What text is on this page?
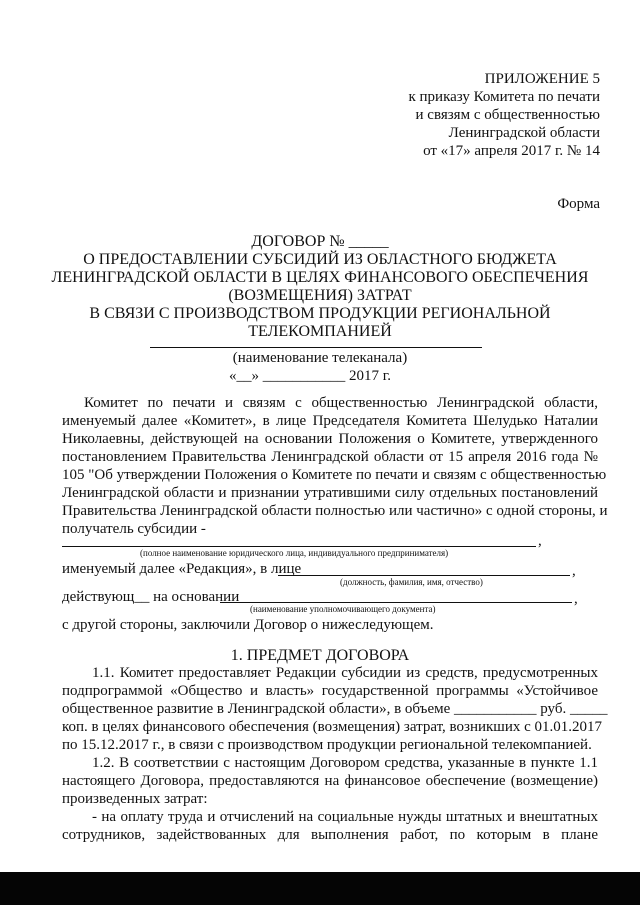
ПРИЛОЖЕНИЕ 5
к приказу Комитета по печати
и связям с общественностью
Ленинградской области
от «17» апреля 2017 г. № 14
Форма
ДОГОВОР № _____
О ПРЕДОСТАВЛЕНИИ СУБСИДИЙ ИЗ ОБЛАСТНОГО БЮДЖЕТА
ЛЕНИНГРАДСКОЙ ОБЛАСТИ В ЦЕЛЯХ ФИНАНСОВОГО ОБЕСПЕЧЕНИЯ
(ВОЗМЕЩЕНИЯ) ЗАТРАТ
В СВЯЗИ С ПРОИЗВОДСТВОМ ПРОДУКЦИИ РЕГИОНАЛЬНОЙ
ТЕЛЕКОМПАНИЕЙ
(наименование телеканала)
«__» ___________ 2017 г.
Комитет по печати и связям с общественностью Ленинградской области,
именуемый далее «Комитет», в лице Председателя Комитета Шелудько Наталии
Николаевны, действующей на основании Положения о Комитете, утвержденного
постановлением Правительства Ленинградской области от 15 апреля 2016 года №
105 "Об утверждении Положения о Комитете по печати и связям с общественностью
Ленинградской области и признании утратившими силу отдельных постановлений
Правительства Ленинградской области полностью или частично» с одной стороны, и
получатель субсидии -
,
(полное наименование юридического лица, индивидуального предпринимателя)
именуемый далее «Редакция», в лице	,
(должность, фамилия, имя, отчество)
действующ__ на основании	,
(наименование уполномочивающего документа)
с другой стороны, заключили Договор о нижеследующем.
1. ПРЕДМЕТ ДОГОВОРА
1.1. Комитет предоставляет Редакции субсидии из средств, предусмотренных
подпрограммой «Общество и власть» государственной программы «Устойчивое
общественное развитие в Ленинградской области», в объеме ___________ руб. _____
коп. в целях финансового обеспечения (возмещения) затрат, возникших с 01.01.2017
по 15.12.2017 г., в связи с производством продукции региональной телекомпанией.
1.2. В соответствии с настоящим Договором средства, указанные в пункте 1.1
настоящего Договора, предоставляются на финансовое обеспечение (возмещение)
произведенных затрат:
- на оплату труда и отчислений на социальные нужды штатных и внештатных
сотрудников, задействованных для выполнения работ, по которым в плане
